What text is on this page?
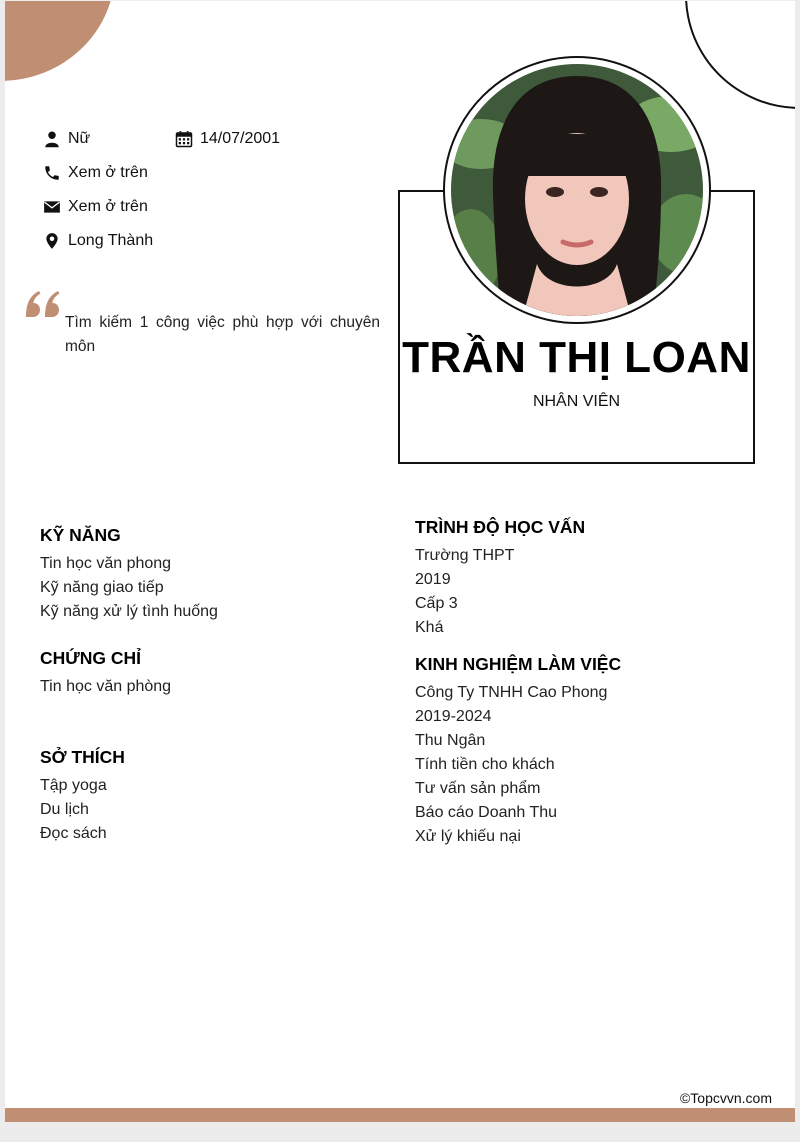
Nữ	14/07/2001
Xem ở trên
Xem ở trên
Long Thành
Tìm kiếm 1 công việc phù hợp với chuyên môn	TRẦN THỊ LOAN
NHÂN VIÊN
KỸ NĂNG
Tin học văn phong
Kỹ năng giao tiếp
Kỹ năng xử lý tình huống
CHỨNG CHỈ
Tin học văn phòng
SỞ THÍCH
Tập yoga
Du lịch
Đọc sách
TRÌNH ĐỘ HỌC VẤN
Trường THPT
2019
Cấp 3
Khá
KINH NGHIỆM LÀM VIỆC
Công Ty TNHH Cao Phong
2019-2024
Thu Ngân
Tính tiền cho khách
Tư vấn sản phẩm
Báo cáo Doanh Thu
Xử lý khiếu nại
©Topcvvn.com
